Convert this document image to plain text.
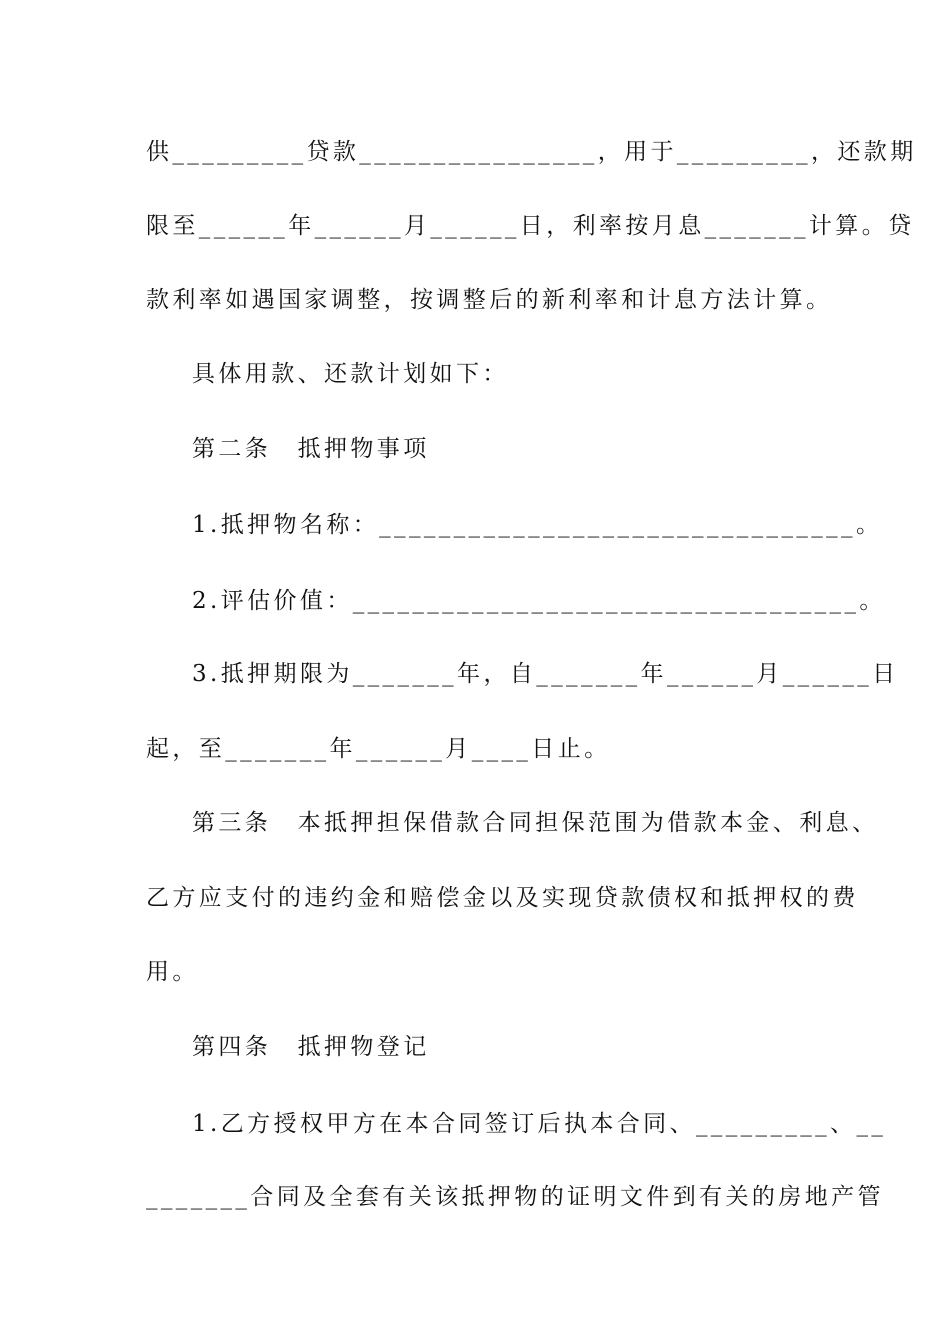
供_________贷款________________，用于_________，还款期
限至______年______月______日，利率按月息_______计算。贷
款利率如遇国家调整，按调整后的新利率和计息方法计算。
具体用款、还款计划如下：
第二条　抵押物事项
1.抵押物名称：________________________________。
2.评估价值：__________________________________。
3.抵押期限为_______年，自_______年______月______日
起，至_______年______月____日止。
第三条　本抵押担保借款合同担保范围为借款本金、利息、
乙方应支付的违约金和赔偿金以及实现贷款债权和抵押权的费
用。
第四条　抵押物登记
1.乙方授权甲方在本合同签订后执本合同、_________、__
_______合同及全套有关该抵押物的证明文件到有关的房地产管
